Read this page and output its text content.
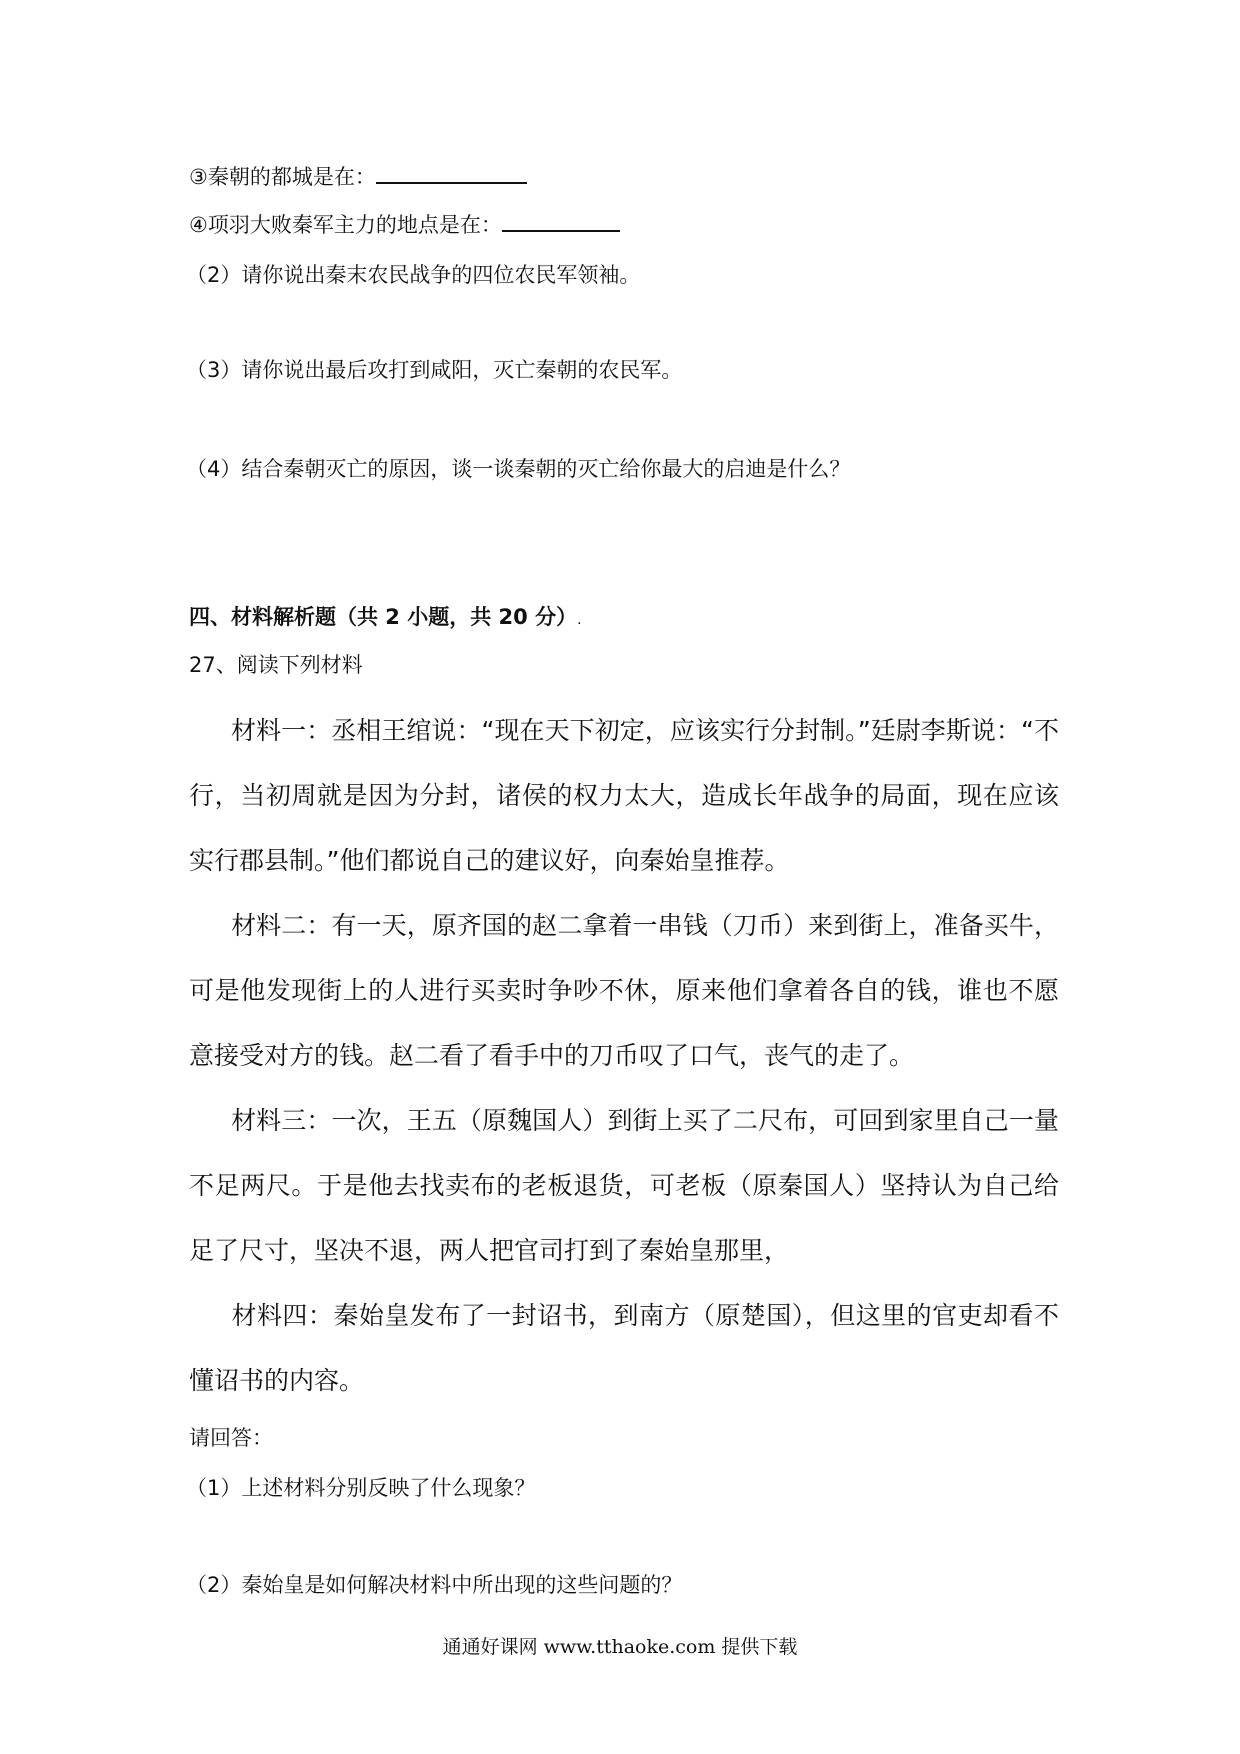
③秦朝的都城是在：
④项羽大败秦军主力的地点是在：
（2）请你说出秦末农民战争的四位农民军领袖。
（3）请你说出最后攻打到咸阳，灭亡秦朝的农民军。
（4）结合秦朝灭亡的原因，谈一谈秦朝的灭亡给你最大的启迪是什么？
四、材料解析题（共 2 小题，共 20 分）.
27、阅读下列材料
材料一：丞相王绾说：“现在天下初定，应该实行分封制。”廷尉李斯说：“不行，当初周就是因为分封，诸侯的权力太大，造成长年战争的局面，现在应该实行郡县制。”他们都说自己的建议好，向秦始皇推荐。
材料二：有一天，原齐国的赵二拿着一串钱（刀币）来到街上，准备买牛，可是他发现街上的人进行买卖时争吵不休，原来他们拿着各自的钱，谁也不愿意接受对方的钱。赵二看了看手中的刀币叹了口气，丧气的走了。
材料三：一次，王五（原魏国人）到街上买了二尺布，可回到家里自己一量不足两尺。于是他去找卖布的老板退货，可老板（原秦国人）坚持认为自己给足了尺寸，坚决不退，两人把官司打到了秦始皇那里，
材料四：秦始皇发布了一封诏书，到南方（原楚国），但这里的官吏却看不懂诏书的内容。
请回答：
（1）上述材料分别反映了什么现象？
（2）秦始皇是如何解决材料中所出现的这些问题的？
通通好课网 www.tthaoke.com 提供下载
